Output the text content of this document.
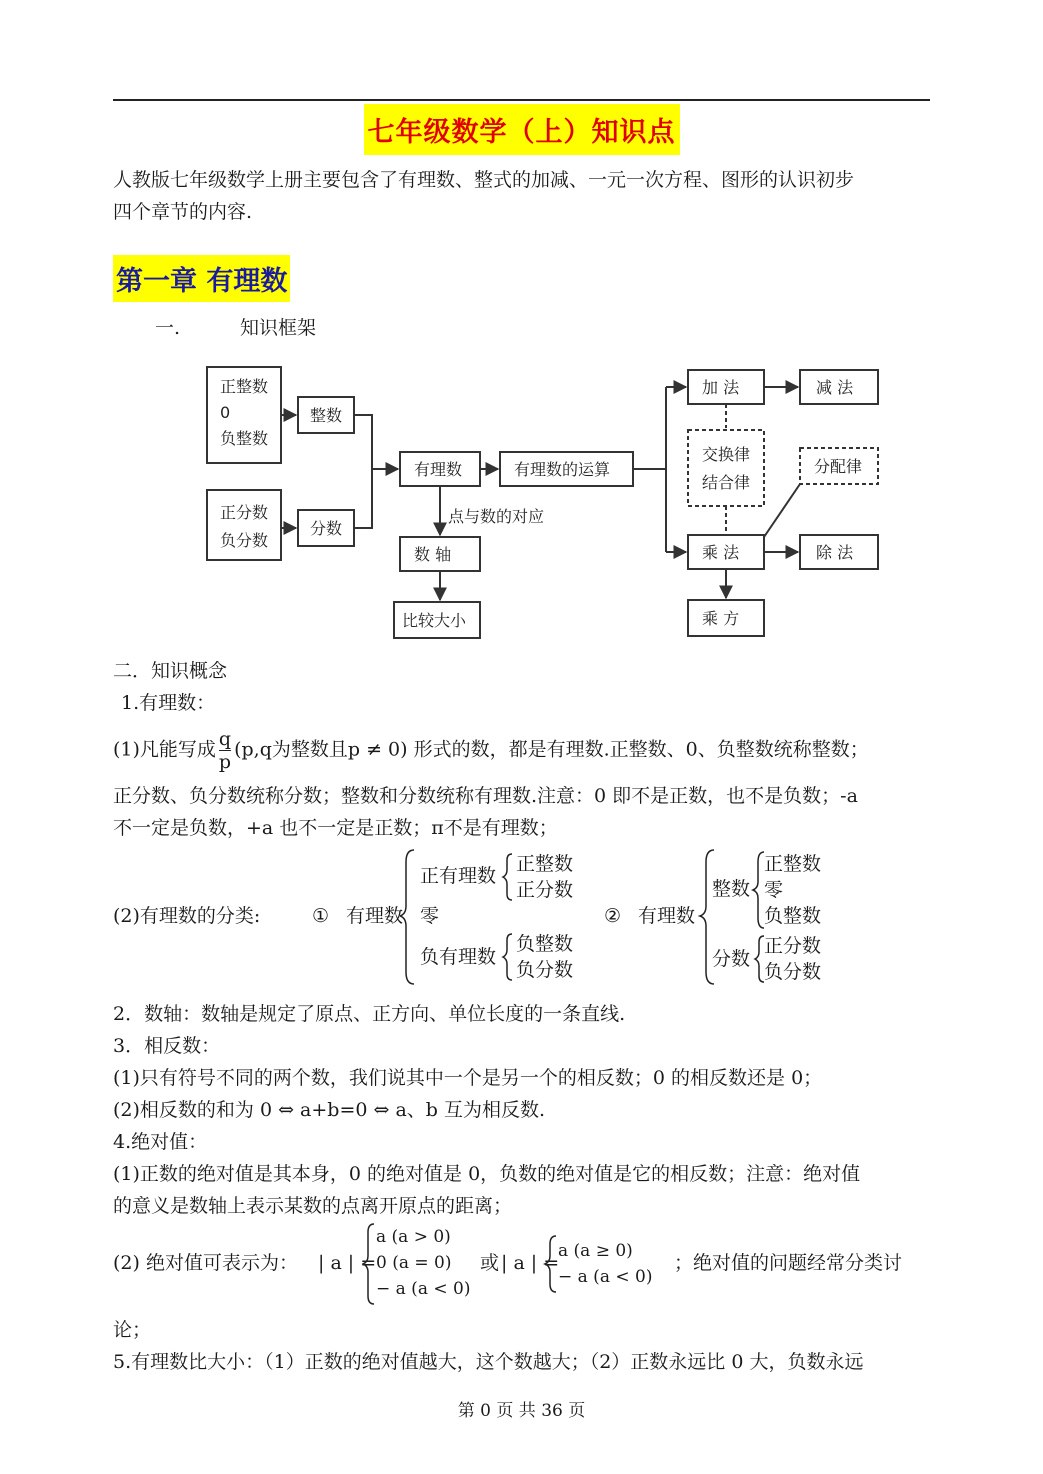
七年级数学（上）知识点
人教版七年级数学上册主要包含了有理数、整式的加减、一元一次方程、图形的认识初步
四个章节的内容.
第一章 有理数
一.	知识框架
正整数
0
负整数
整数
正分数
负分数
分数
有理数	有理数的运算
点与数的对应
数 轴
比较大小
加 法	减 法
交换律
结合律
分配律
乘 法	除 法
乘 方
二．知识概念
1.有理数：
(1)凡能写成 $\frac{q}{p} (p,q$为整数且p ≠ 0) 形式的数，都是有理数.正整数、0、负整数统称整数；
正分数、负分数统称分数；整数和分数统称有理数.注意：0 即不是正数，也不是负数；-a
不一定是负数，+a 也不一定是正数；π不是有理数；
(2)有理数的分类:	① 有理数
正有理数
正整数
正分数
零
负有理数
负整数
负分数
② 有理数
整数
正整数
零
负整数
分数
正分数
负分数
2．数轴：数轴是规定了原点、正方向、单位长度的一条直线.
3．相反数：
(1)只有符号不同的两个数，我们说其中一个是另一个的相反数；0 的相反数还是 0；
(2)相反数的和为 0 ⇔ a+b=0 ⇔ a、b 互为相反数.
4.绝对值：
(1)正数的绝对值是其本身，0 的绝对值是 0，负数的绝对值是它的相反数；注意：绝对值
的意义是数轴上表示某数的点离开原点的距离；
(2) 绝对值可表示为： | a | =
a (a > 0)
0 (a = 0)
− a (a < 0)
或 | a | =
a (a ≥ 0)
− a (a < 0)
；绝对值的问题经常分类讨
论；
5.有理数比大小：（1）正数的绝对值越大，这个数越大；（2）正数永远比 0 大，负数永远
第 0 页 共 36 页
